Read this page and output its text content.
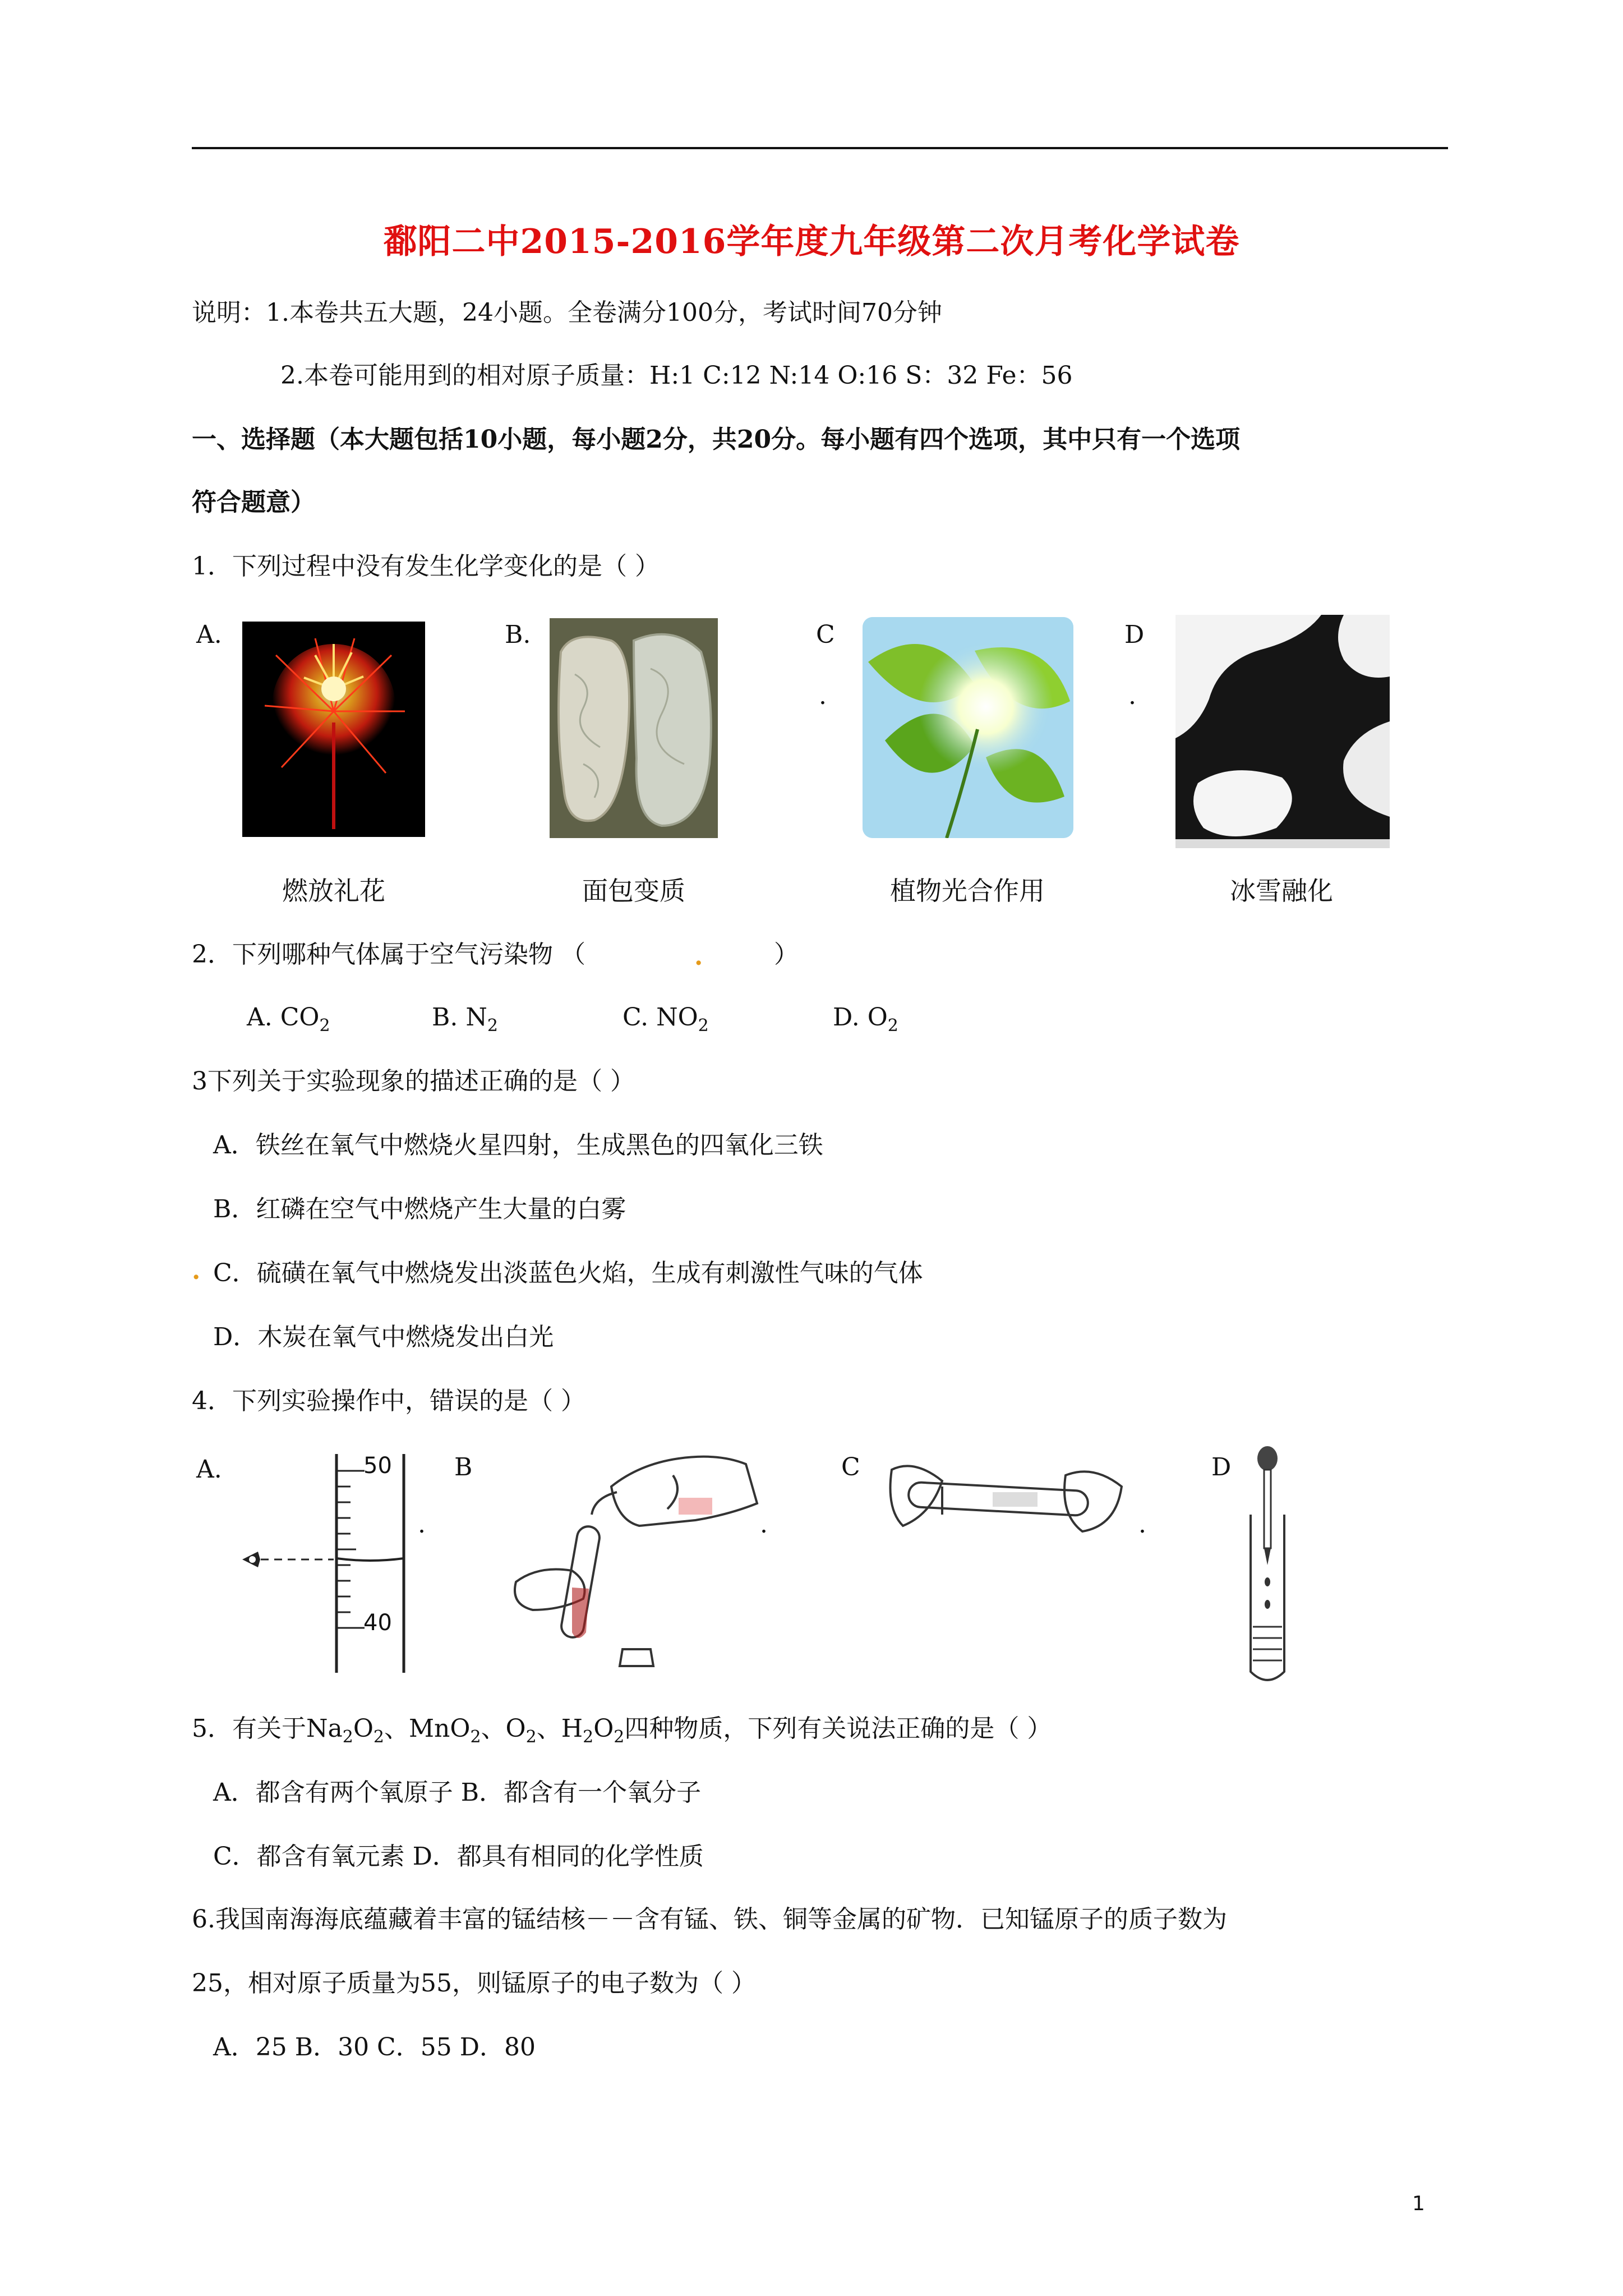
鄱阳二中2015-2016学年度九年级第二次月考化学试卷
说明：1.本卷共五大题，24小题。全卷满分100分，考试时间70分钟
2.本卷可能用到的相对原子质量：H:1 C:12 N:14 O:16 S：32 Fe：56
一、选择题（本大题包括10小题，每小题2分，共20分。每小题有四个选项，其中只有一个选项
符合题意）
1．下列过程中没有发生化学变化的是（ ）
A.	B.	C	D
.	.
燃放礼花	面包变质	植物光合作用	冰雪融化
2．下列哪种气体属于空气污染物 （	.	）
A. $CO_2$	B. $N_2$	C. $NO_2$	D. $O_2$
3下列关于实验现象的描述正确的是（ ）
A．铁丝在氧气中燃烧火星四射，生成黑色的四氧化三铁
B．红磷在空气中燃烧产生大量的白雾
. C．硫磺在氧气中燃烧发出淡蓝色火焰，生成有刺激性气味的气体
D．木炭在氧气中燃烧发出白光
4．下列实验操作中，错误的是（ ）
A.	B	C	D
.	.	.
50
40
5．有关于$Na_2O_2$、MnO$_2$、$O_2$、$H_2O_2$四种物质，下列有关说法正确的是（ ）
A．都含有两个氧原子 B．都含有一个氧分子
C．都含有氧元素 D．都具有相同的化学性质
6.我国南海海底蕴藏着丰富的锰结核－－含有锰、铁、铜等金属的矿物．已知锰原子的质子数为
25，相对原子质量为55，则锰原子的电子数为（ ）
A．25 B．30 C．55 D．80
1
